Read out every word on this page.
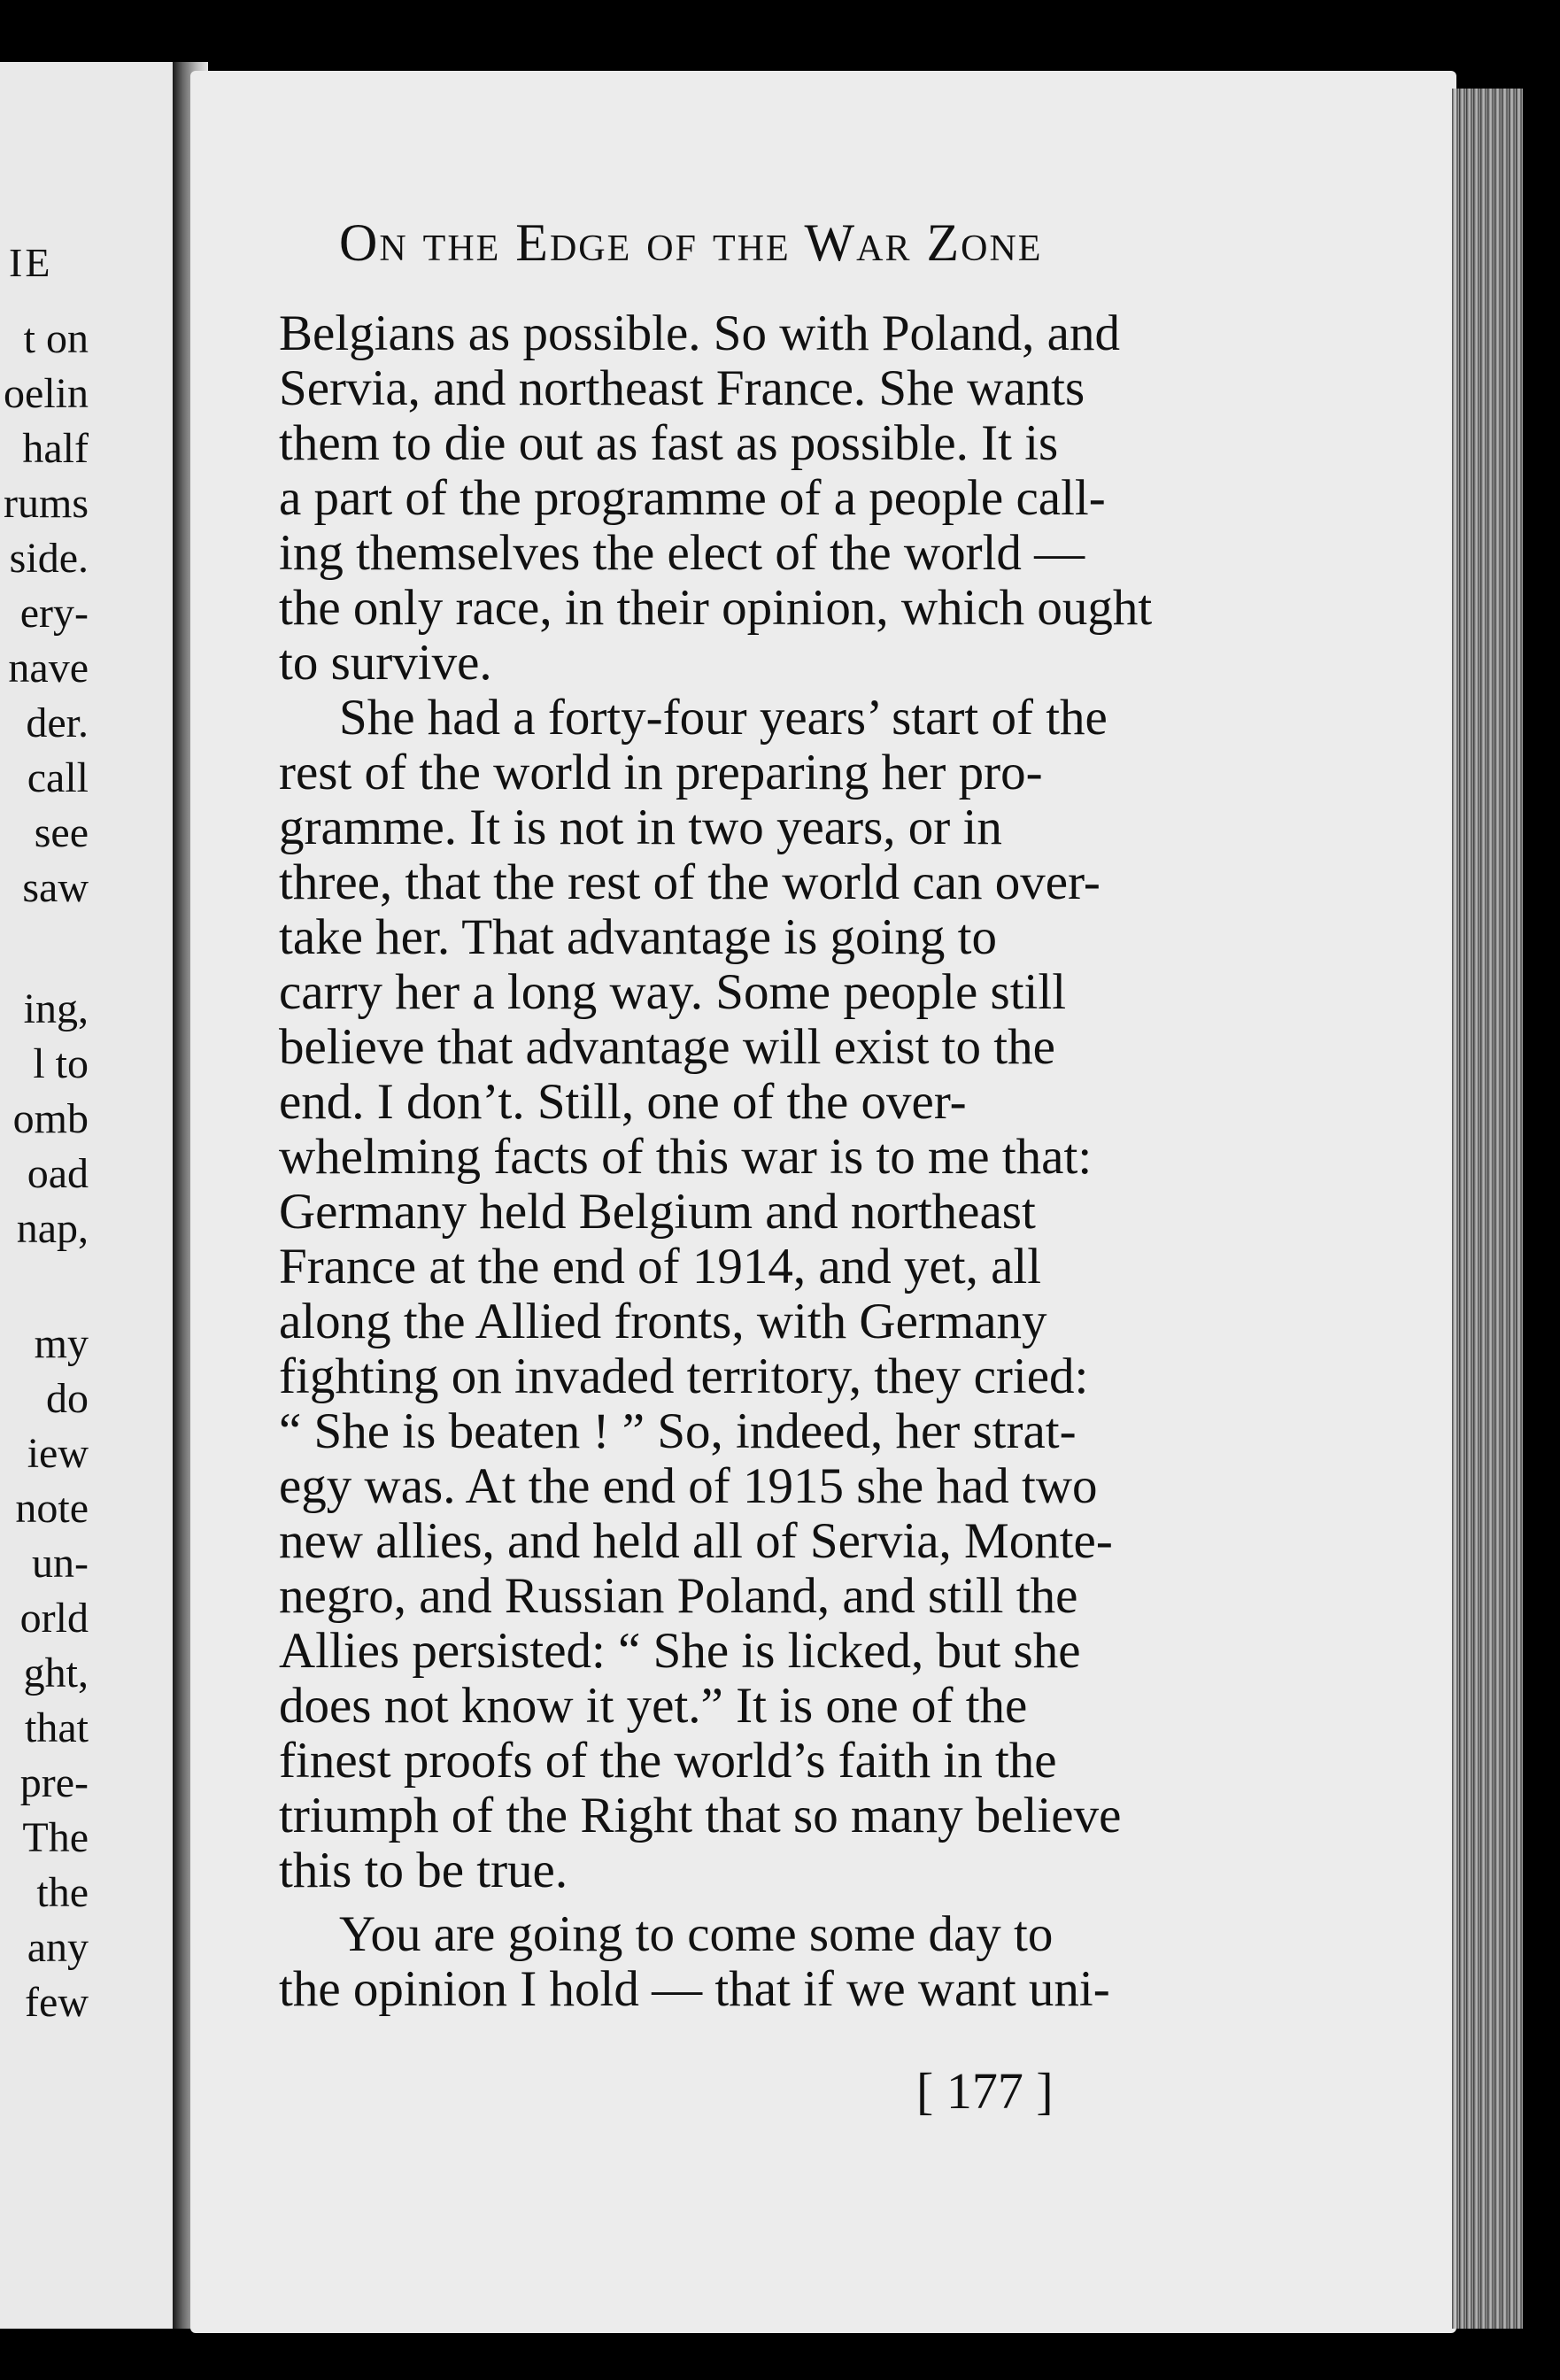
IE
t on
oelin
half
rums
side.
ery-
nave
der.
call
see
saw
ing,
l to
omb
oad
nap,
my
do
iew
note
un-
orld
ght,
that
pre-
The
the
any
few
On the Edge of the War Zone
Belgians as possible. So with Poland, and
Servia, and northeast France. She wants
them to die out as fast as possible. It is
a part of the programme of a people call-
ing themselves the elect of the world —
the only race, in their opinion, which ought
to survive.
She had a forty-four years’ start of the
rest of the world in preparing her pro-
gramme. It is not in two years, or in
three, that the rest of the world can over-
take her. That advantage is going to
carry her a long way. Some people still
believe that advantage will exist to the
end. I don’t. Still, one of the over-
whelming facts of this war is to me that:
Germany held Belgium and northeast
France at the end of 1914, and yet, all
along the Allied fronts, with Germany
fighting on invaded territory, they cried:
“ She is beaten ! ” So, indeed, her strat-
egy was. At the end of 1915 she had two
new allies, and held all of Servia, Monte-
negro, and Russian Poland, and still the
Allies persisted: “ She is licked, but she
does not know it yet.” It is one of the
finest proofs of the world’s faith in the
triumph of the Right that so many believe
this to be true.
You are going to come some day to
the opinion I hold — that if we want uni-
[ 177 ]
